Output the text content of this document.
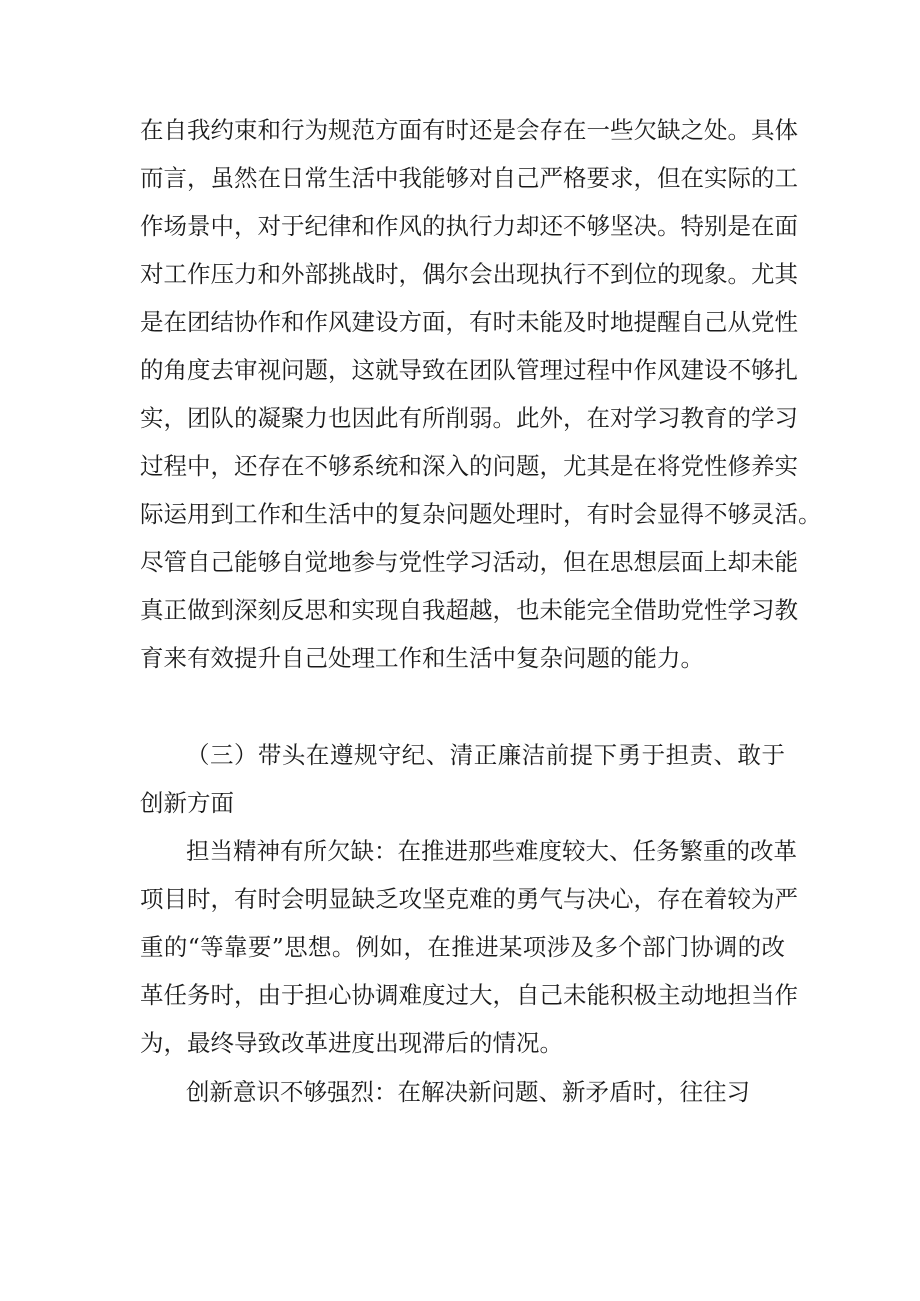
在自我约束和行为规范方面有时还是会存在一些欠缺之处。具体
而言，虽然在日常生活中我能够对自己严格要求，但在实际的工
作场景中，对于纪律和作风的执行力却还不够坚决。特别是在面
对工作压力和外部挑战时，偶尔会出现执行不到位的现象。尤其
是在团结协作和作风建设方面，有时未能及时地提醒自己从党性
的角度去审视问题，这就导致在团队管理过程中作风建设不够扎
实，团队的凝聚力也因此有所削弱。此外，在对学习教育的学习
过程中，还存在不够系统和深入的问题，尤其是在将党性修养实
际运用到工作和生活中的复杂问题处理时，有时会显得不够灵活。
尽管自己能够自觉地参与党性学习活动，但在思想层面上却未能
真正做到深刻反思和实现自我超越，也未能完全借助党性学习教
育来有效提升自己处理工作和生活中复杂问题的能力。
（三）带头在遵规守纪、清正廉洁前提下勇于担责、敢于
创新方面
担当精神有所欠缺：在推进那些难度较大、任务繁重的改革
项目时，有时会明显缺乏攻坚克难的勇气与决心，存在着较为严
重的“等靠要”思想。例如，在推进某项涉及多个部门协调的改
革任务时，由于担心协调难度过大，自己未能积极主动地担当作
为，最终导致改革进度出现滞后的情况。
创新意识不够强烈：在解决新问题、新矛盾时，往往习
